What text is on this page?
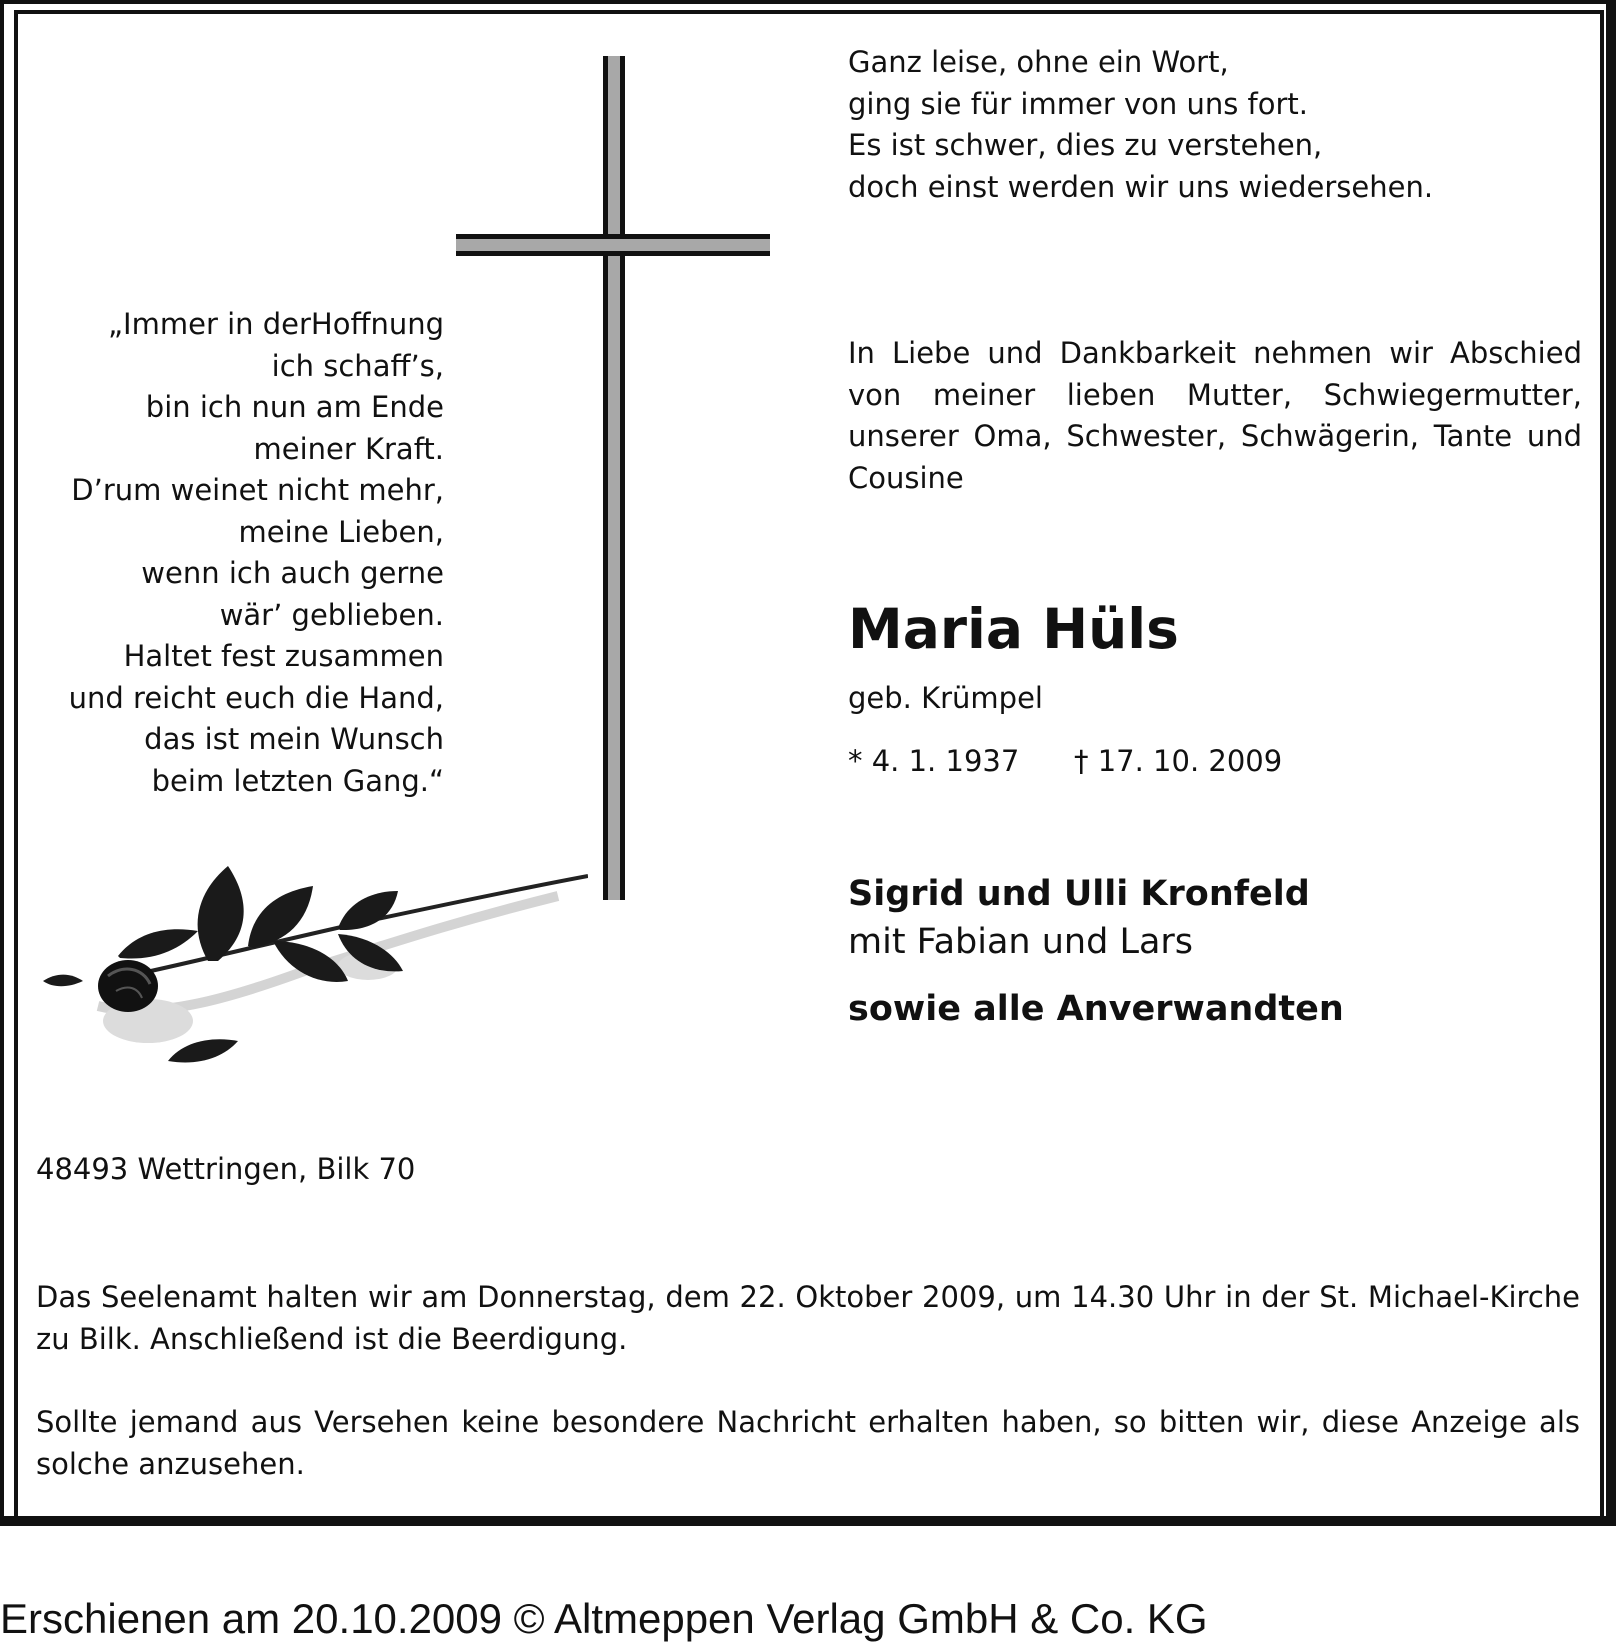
Ganz leise, ohne ein Wort,
ging sie für immer von uns fort.
Es ist schwer, dies zu verstehen,
doch einst werden wir uns wiedersehen.
„Immer in derHoffnung
ich schaff’s,
bin ich nun am Ende
meiner Kraft.
D’rum weinet nicht mehr,
meine Lieben,
wenn ich auch gerne
wär’ geblieben.
Haltet fest zusammen
und reicht euch die Hand,
das ist mein Wunsch
beim letzten Gang.“
In Liebe und Dankbarkeit nehmen wir Abschied von meiner lieben Mutter, Schwiegermutter, unserer Oma, Schwester, Schwägerin, Tante und Cousine
Maria Hüls
geb. Krümpel
* 4. 1. 1937 † 17. 10. 2009
Sigrid und Ulli Kronfeld
mit Fabian und Lars
sowie alle Anverwandten
48493 Wettringen, Bilk 70
Das Seelenamt halten wir am Donnerstag, dem 22. Oktober 2009, um 14.30 Uhr in der St. Michael-Kirche zu Bilk. Anschließend ist die Beerdigung.
Sollte jemand aus Versehen keine besondere Nachricht erhalten haben, so bitten wir, diese Anzeige als solche anzusehen.
Erschienen am 20.10.2009 © Altmeppen Verlag GmbH & Co. KG
